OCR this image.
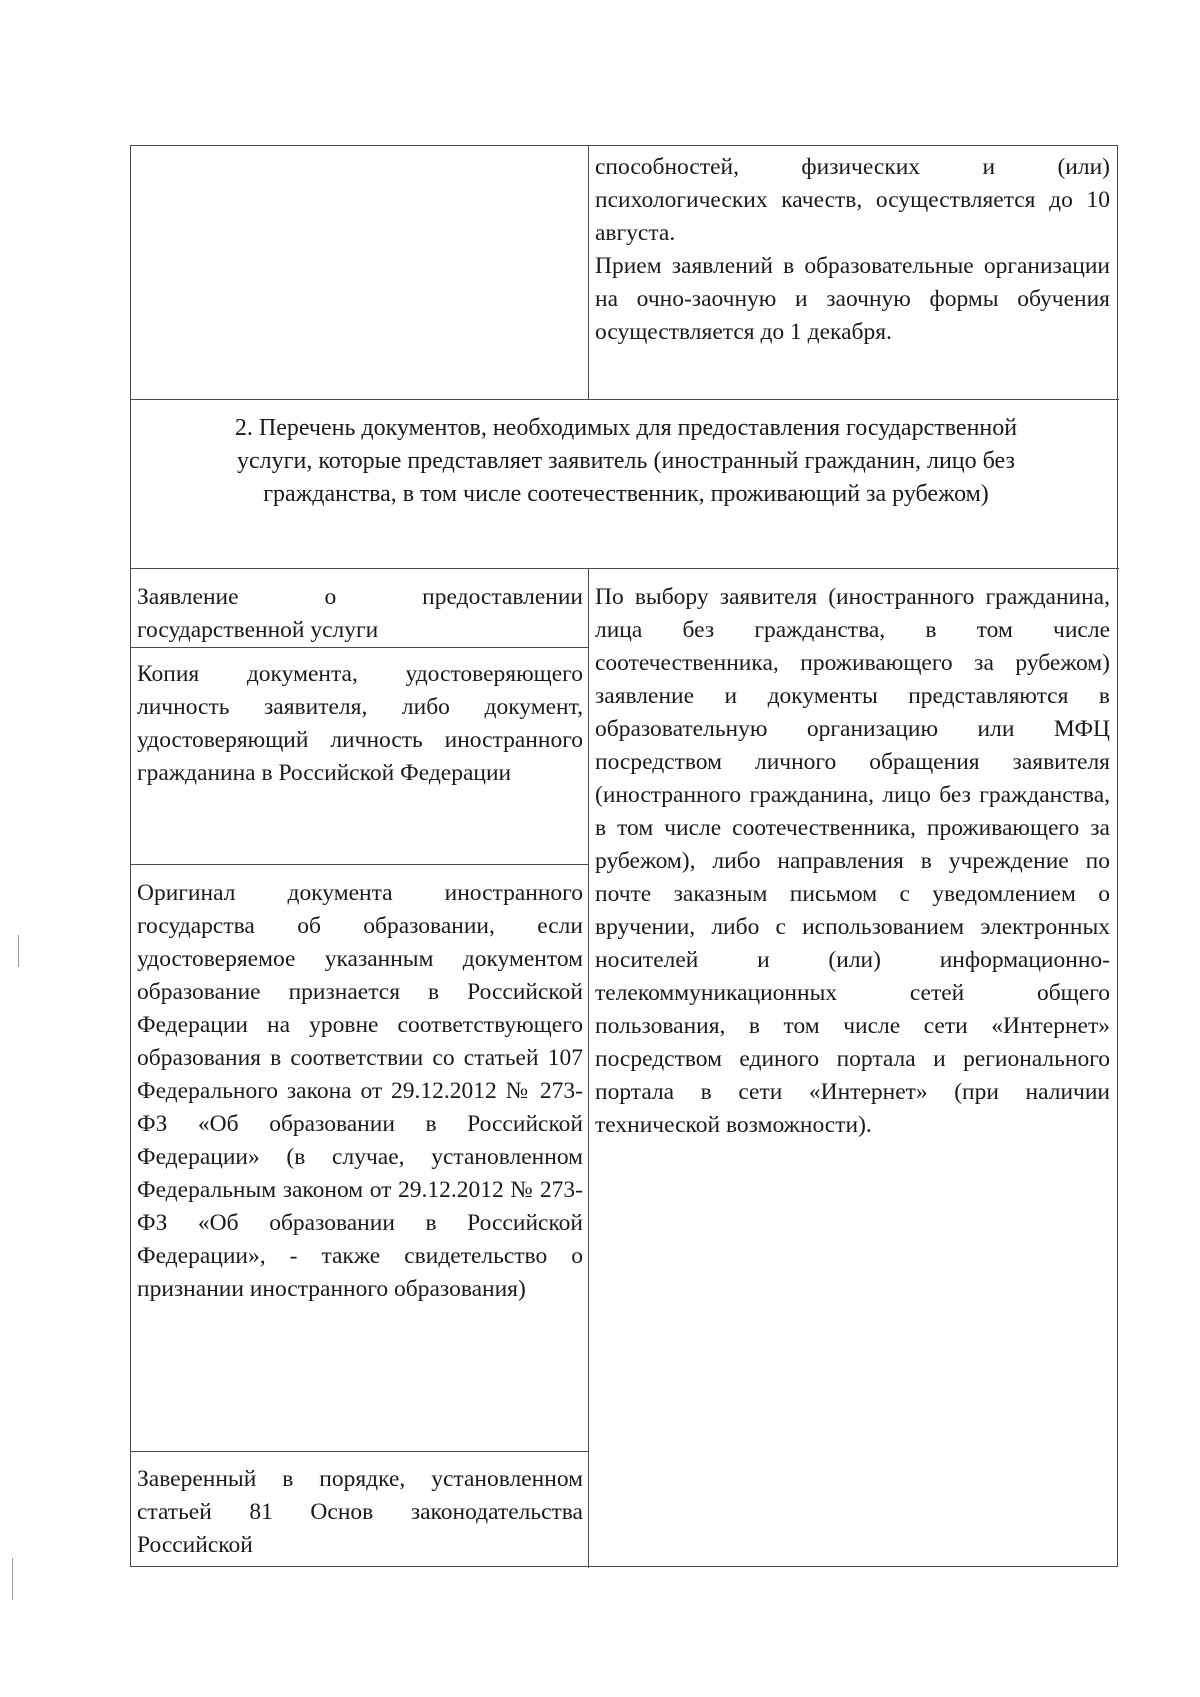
способностей, физических и (или) психологических качеств, осуществляется до 10 августа.

Прием заявлений в образовательные организации на очно-заочную и заочную формы обучения осуществляется до 1 декабря.

2. Перечень документов, необходимых для предоставления государственной услуги, которые представляет заявитель (иностранный гражданин, лицо без гражданства, в том числе соотечественник, проживающий за рубежом)
Заявление о предоставлении государственной услуги
Копия документа, удостоверяющего личность заявителя, либо документ, удостоверяющий личность иностранного гражданина в Российской Федерации
Оригинал документа иностранного государства об образовании, если удостоверяемое указанным документом образование признается в Российской Федерации на уровне соответствующего образования в соответствии со статьей 107 Федерального закона от 29.12.2012 № 273-ФЗ «Об образовании в Российской Федерации» (в случае, установленном Федеральным законом от 29.12.2012 № 273-ФЗ «Об образовании в Российской Федерации», - также свидетельство о признании иностранного образования)
Заверенный в порядке, установленном статьей 81 Основ законодательства Российской
По выбору заявителя (иностранного гражданина, лица без гражданства, в том числе соотечественника, проживающего за рубежом) заявление и документы представляются в образовательную организацию или МФЦ посредством личного обращения заявителя (иностранного гражданина, лицо без гражданства, в том числе соотечественника, проживающего за рубежом), либо направления в учреждение по почте заказным письмом с уведомлением о вручении, либо с использованием электронных носителей и (или) информационно-телекоммуникационных сетей общего пользования, в том числе сети «Интернет» посредством единого портала и регионального портала в сети «Интернет» (при наличии технической возможности).
